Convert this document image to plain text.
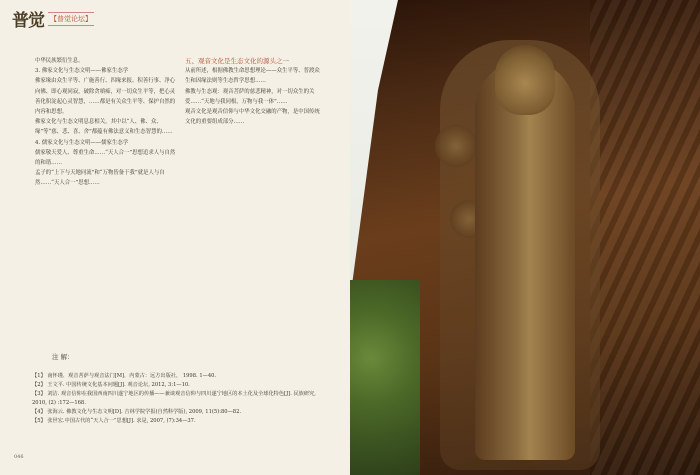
普觉 【普觉论坛】

中华民族繁衍生息。

3. 佛家文化与生态文明——佛家生态学

佛家缘由众生平等、广施善行、四缘来报、积善行事、净心向佛、即心观同寂，破除贪嗔痴，对一切众生平等，把心灵善化积淀起心灵智慧，……都是有关众生平等、保护自然的内容和思想。

佛家文化与生态文明息息相关，其中以“人、佛、众、缘”等“慈、悲、喜、舍”都蕴有佛法意义和生态智慧的……

4. 儒家文化与生态文明——儒家生态学

儒家敬天爱人、尊重生命……“天人合一”思想追求人与自然的和谐……

孟子的“上下与天地同流”和“万物皆备于我”就是人与自然……“天人合一”思想……

五、观音文化是生态文化的源头之一

从前所述，根据佛教生命思想理论——众生平等、普渡众生和因缘法则等生态哲学思想……

佛教与生态观：观音菩萨的慈悲精神，对一切众生的关爱……“天地与我同根，万物与我一体”……

观音文化是观音信仰与中华文化交融的产物，是中国传统文化的重要组成部分……

注 解：
【1】 南怀瑾．观音菩萨与观音法门[M]．内蒙古：远方出版社， 1998. 1—40.
【2】 王文平. 中国传统文化基本问题[J]. 观音论坛, 2012, 3:1—10.
【3】 刘洁. 观音信仰在我国西南四川遂宁地区的传播——兼谈观音信仰与四川遂宁地区的本土化及全球化特色[J]. 民族研究, 2010, (2) :172—168.
【4】 张海云. 佛教文化与生态文明[D]. 吉林学院学报(自然科学版), 2009, 11(5):80—82.
【5】 张世宏.中国古代的“天人合一”思想[J]. 求是, 2007, (7):34—37.
046
